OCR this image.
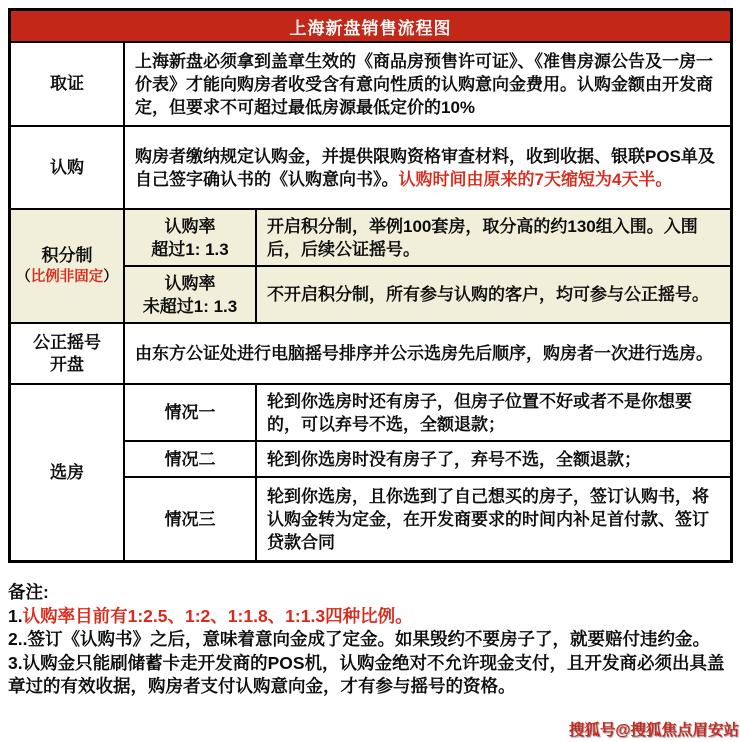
上海新盘销售流程图
取证
上海新盘必须拿到盖章生效的《商品房预售许可证》、《准售房源公告及一房一价表》才能向购房者收受含有意向性质的认购意向金费用。认购金额由开发商定，但要求不可超过最低房源最低定价的10%
认购
购房者缴纳规定认购金，并提供限购资格审查材料，收到收据、银联POS单及自己签字确认书的《认购意向书》。认购时间由原来的7天缩短为4天半。
积分制
（比例非固定）
认购率
超过1: 1.3
开启积分制，举例100套房，取分高的约130组入围。入围后，后续公证摇号。
认购率
未超过1: 1.3
不开启积分制，所有参与认购的客户，均可参与公正摇号。
公正摇号
开盘
由东方公证处进行电脑摇号排序并公示选房先后顺序，购房者一次进行选房。
选房
情况一
轮到你选房时还有房子，但房子位置不好或者不是你想要的，可以弃号不选，全额退款；
情况二	轮到你选房时没有房子了，弃号不选，全额退款；
情况三
轮到你选房，且你选到了自己想买的房子，签订认购书，将认购金转为定金，在开发商要求的时间内补足首付款、签订贷款合同
备注:
1.认购率目前有1:2.5、1:2、1:1.8、1:1.3四种比例。
2..签订《认购书》之后，意味着意向金成了定金。如果毁约不要房子了，就要赔付违约金。
3.认购金只能刷储蓄卡走开发商的POS机，认购金绝对不允许现金支付，且开发商必须出具盖章过的有效收据，购房者支付认购意向金，才有参与摇号的资格。
搜狐号@搜狐焦点眉安站
